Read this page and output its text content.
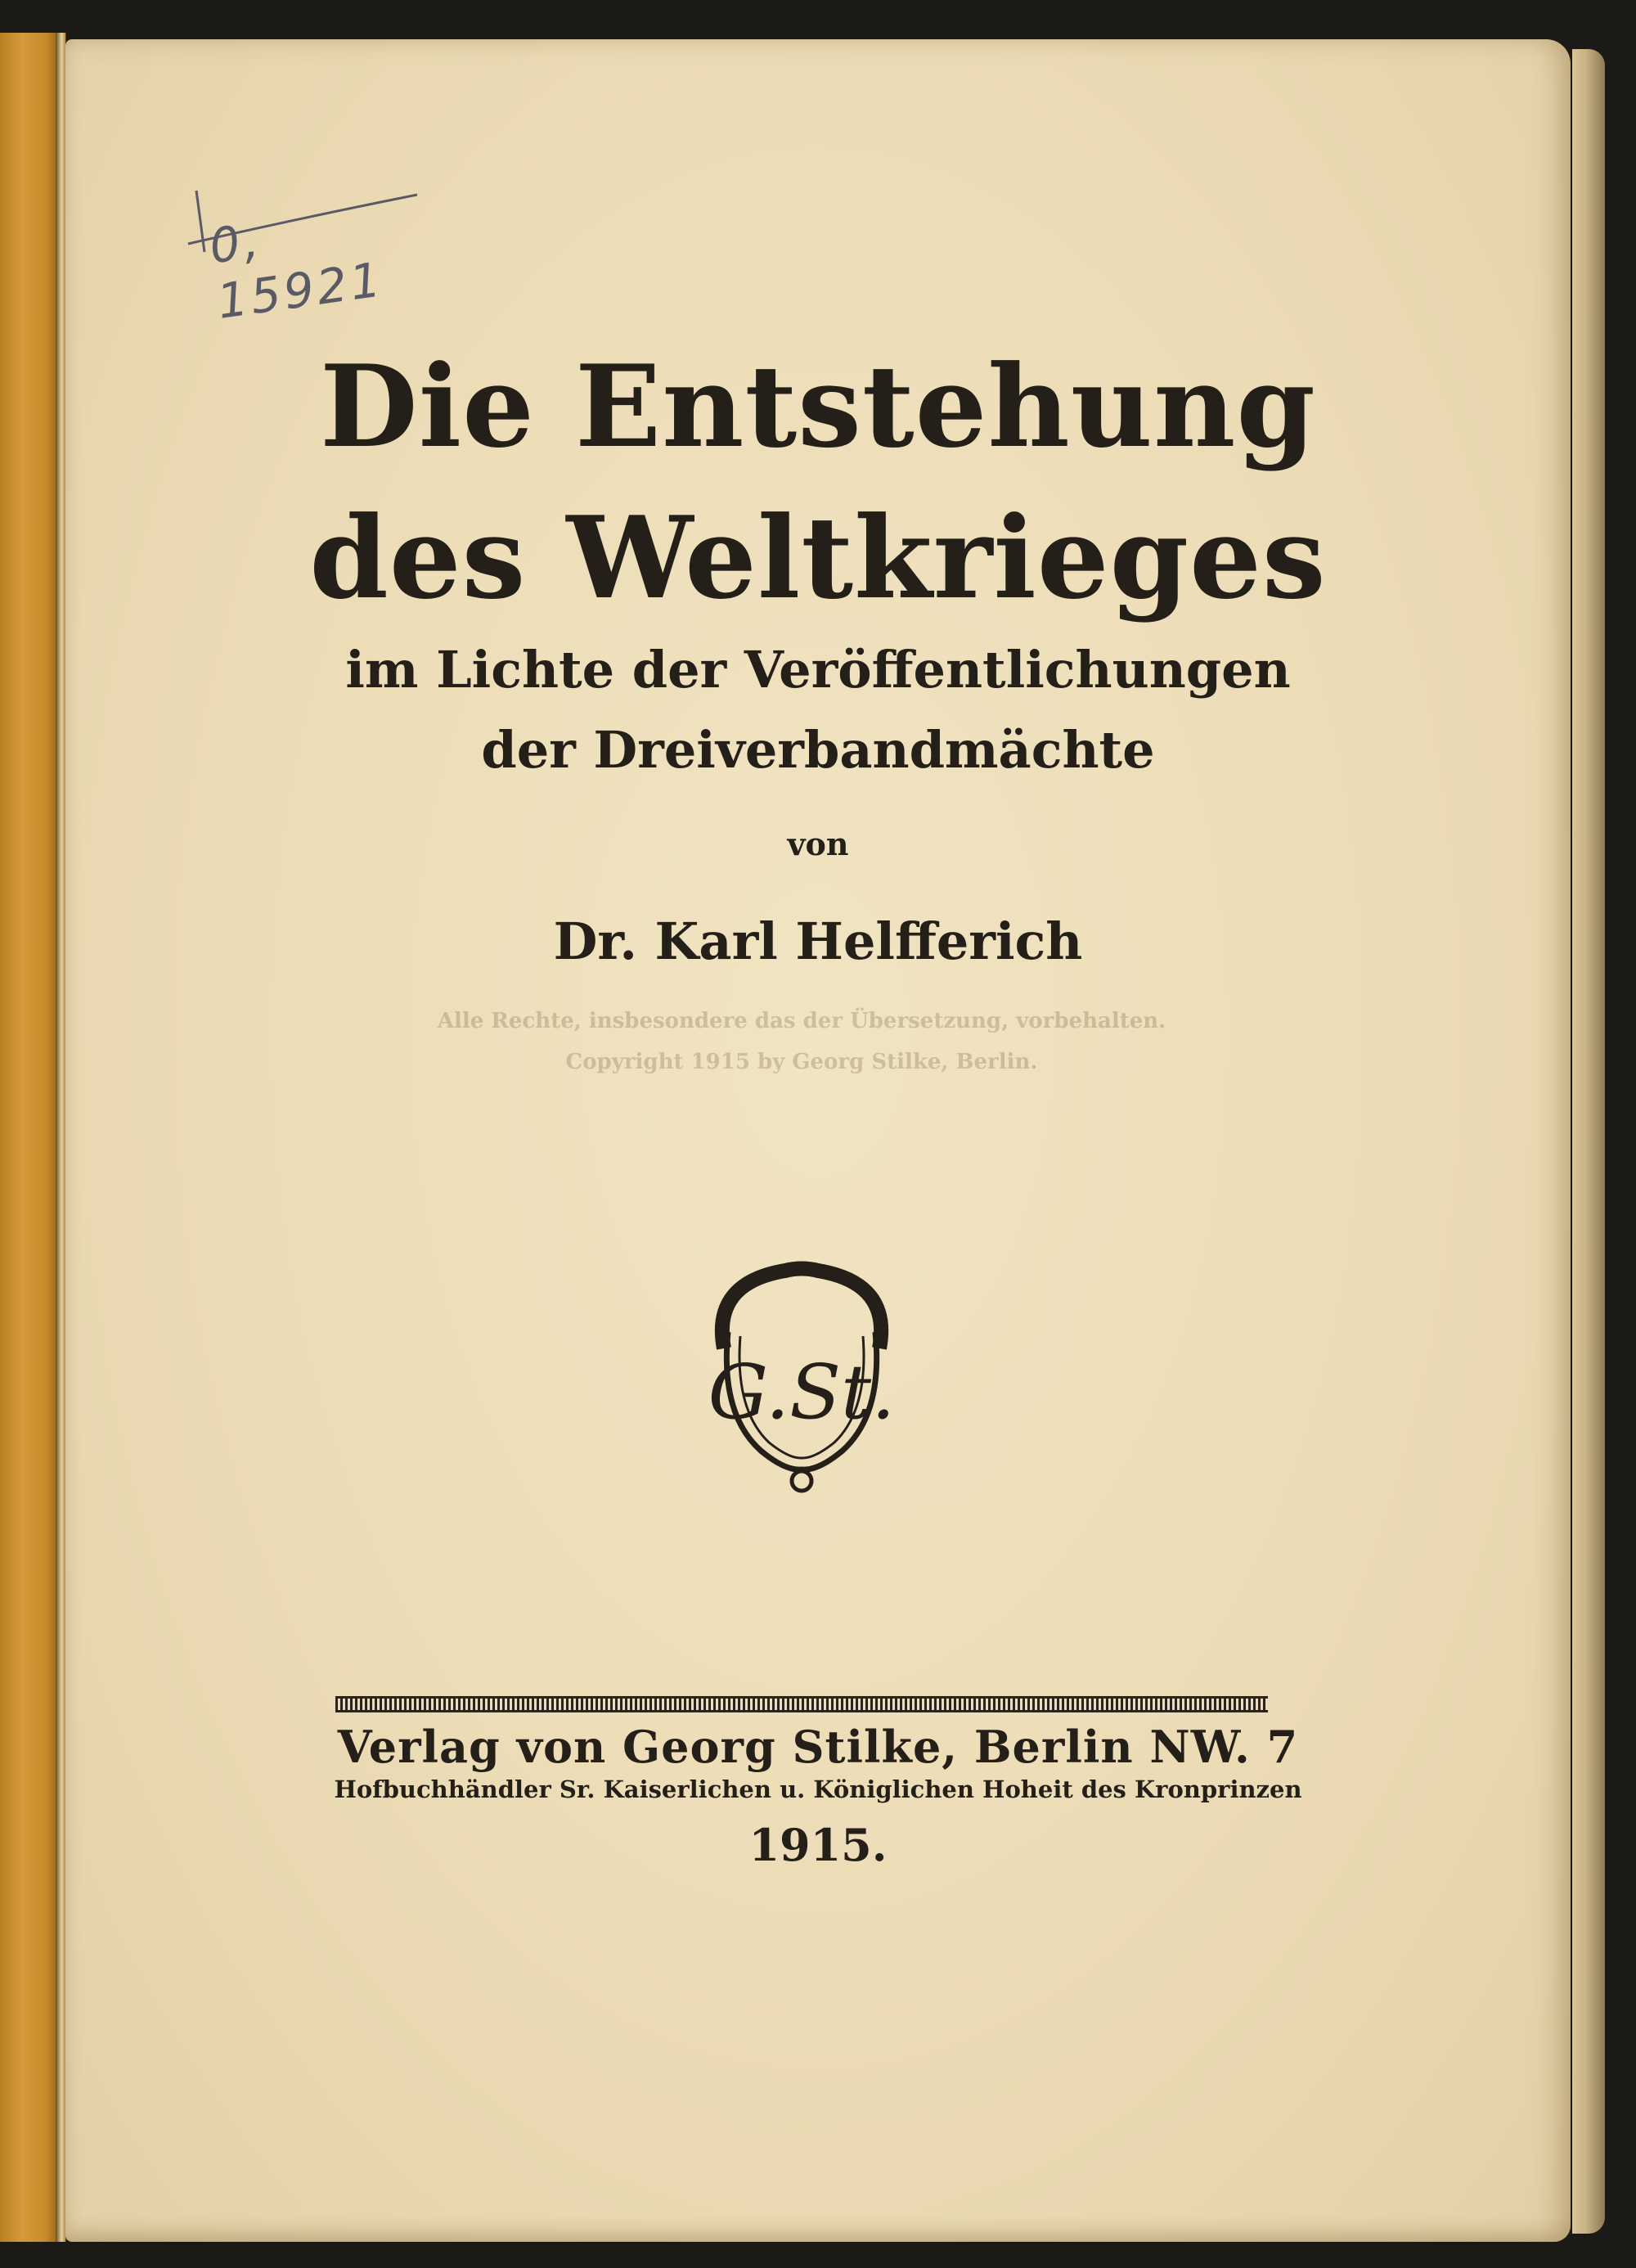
0, 15921
Die Entstehung
des Weltkrieges
im Lichte der Veröffentlichungen
der Dreiverbandmächte
von
Dr. Karl Helfferich
Alle Rechte, insbesondere das der Übersetzung, vorbehalten.
Copyright 1915 by Georg Stilke, Berlin.
G.St.
Verlag von Georg Stilke, Berlin NW. 7
Hofbuchhändler Sr. Kaiserlichen u. Königlichen Hoheit des Kronprinzen
1915.
